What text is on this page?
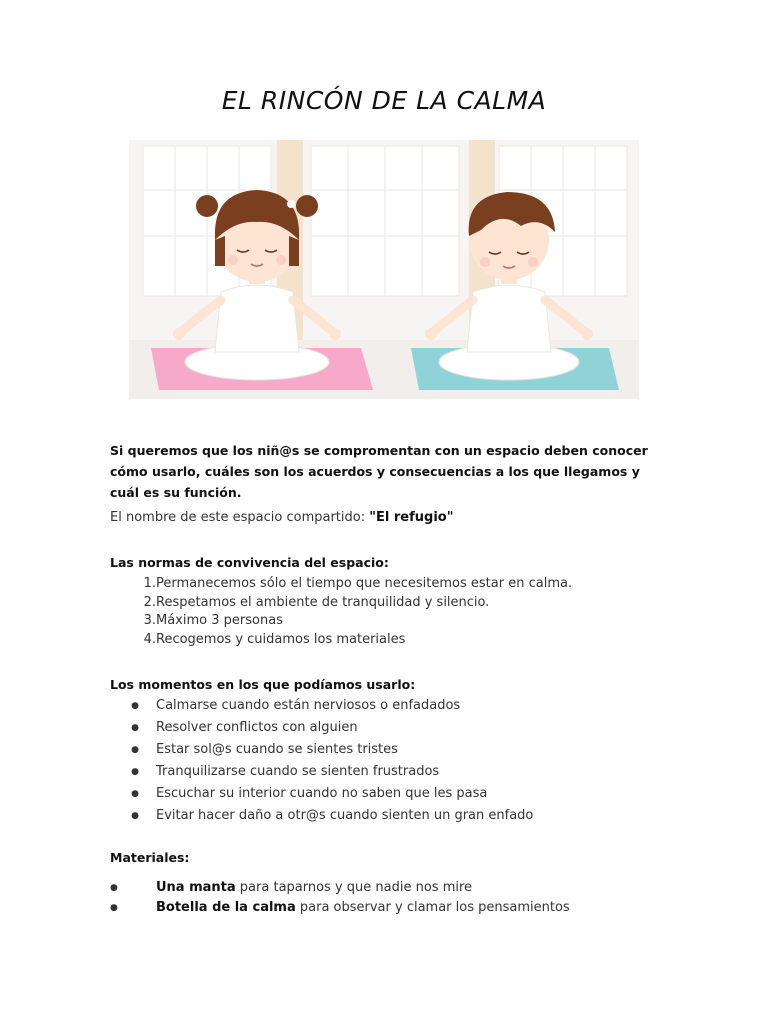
EL RINCÓN DE LA CALMA

Si queremos que los niñ@s se compromentan con un espacio deben conocer cómo usarlo, cuáles son los acuerdos y consecuencias a los que llegamos y cuál es su función.

El nombre de este espacio compartido: "El refugio"

Las normas de convivencia del espacio:

1. Permanecemos sólo el tiempo que necesitemos estar en calma.
2. Respetamos el ambiente de tranquilidad y silencio.
3. Máximo 3 personas
4. Recogemos y cuidamos los materiales

Los momentos en los que podíamos usarlo:

●	Calmarse cuando están nerviosos o enfadados
●	Resolver conflictos con alguien
●	Estar sol@s cuando se sientes tristes
●	Tranquilizarse cuando se sienten frustrados
●	Escuchar su interior cuando no saben que les pasa
●	Evitar hacer daño a otr@s cuando sienten un gran enfado

Materiales:

●	Una manta para taparnos y que nadie nos mire
●	Botella de la calma para observar y clamar los pensamientos
